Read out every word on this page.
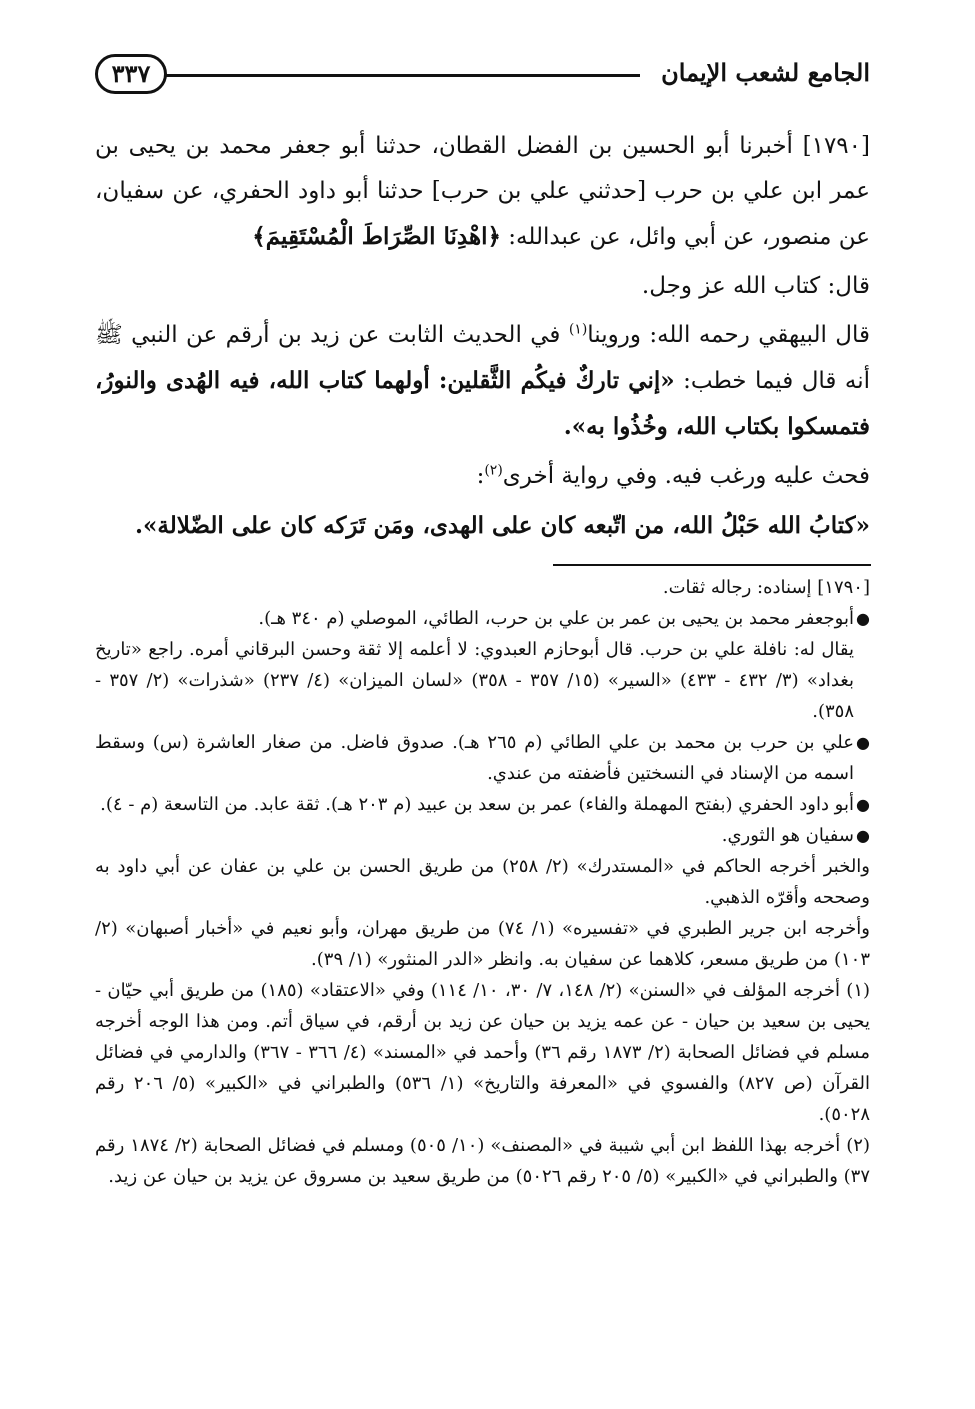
الجامع لشعب الإيمان
٣٣٧

[١٧٩٠] أخبرنا أبو الحسين بن الفضل القطان، حدثنا أبو جعفر محمد بن يحيى بن عمر ابن علي بن حرب [حدثني علي بن حرب] حدثنا أبو داود الحفري، عن سفيان، عن منصور، عن أبي وائل، عن عبدالله: ﴿اهْدِنَا الصِّرَاطَ الْمُسْتَقِيمَ﴾

قال: كتاب الله عز وجل.

قال البيهقي رحمه الله: وروينا$^{(١)}$ في الحديث الثابت عن زيد بن أرقم عن النبي ﷺ أنه قال فيما خطب: «إني تاركٌ فيكُم الثَّقلين: أولهما كتاب الله، فيه الهُدى والنورُ، فتمسكوا بكتاب الله، وخُذُوا به».

فحث عليه ورغب فيه. وفي رواية أخرى$^{(٢)}$:

«كتابُ الله حَبْلُ الله، من اتّبعه كان على الهدى، ومَن تَرَكه كان على الضّلالة».

[١٧٩٠] إسناده: رجاله ثقات.

●
أبوجعفر محمد بن يحيى بن عمر بن علي بن حرب، الطائي، الموصلي (م ٣٤٠ هـ).
يقال له: نافلة علي بن حرب. قال أبوحازم العبدوي: لا أعلمه إلا ثقة وحسن البرقاني أمره. راجع «تاريخ بغداد» (٣/ ٤٣٢ - ٤٣٣) «السير» (١٥/ ٣٥٧ - ٣٥٨) «لسان الميزان» (٤/ ٢٣٧) «شذرات» (٢/ ٣٥٧ - ٣٥٨).
●
علي بن حرب بن محمد بن علي الطائي (م ٢٦٥ هـ). صدوق فاضل. من صغار العاشرة (س) وسقط اسمه من الإسناد في النسختين فأضفته من عندي.
●
أبو داود الحفري (بفتح المهملة والفاء) عمر بن سعد بن عبيد (م ٢٠٣ هـ). ثقة عابد. من التاسعة (م - ٤).
●
سفيان هو الثوري.

والخبر أخرجه الحاكم في «المستدرك» (٢/ ٢٥٨) من طريق الحسن بن علي بن عفان عن أبي داود به وصححه وأقرّه الذهبي.

وأخرجه ابن جرير الطبري في «تفسيره» (١/ ٧٤) من طريق مهران، وأبو نعيم في «أخبار أصبهان» (٢/ ١٠٣) من طريق مسعر، كلاهما عن سفيان به. وانظر «الدر المنثور» (١/ ٣٩).

(١) أخرجه المؤلف في «السنن» (٢/ ١٤٨، ٧/ ٣٠، ١٠/ ١١٤) وفي «الاعتقاد» (١٨٥) من طريق أبي حيّان - يحيى بن سعيد بن حيان - عن عمه يزيد بن حيان عن زيد بن أرقم، في سياق أتم. ومن هذا الوجه أخرجه مسلم في فضائل الصحابة (٢/ ١٨٧٣ رقم ٣٦) وأحمد في «المسند» (٤/ ٣٦٦ - ٣٦٧) والدارمي في فضائل القرآن (ص ٨٢٧) والفسوي في «المعرفة والتاريخ» (١/ ٥٣٦) والطبراني في «الكبير» (٥/ ٢٠٦ رقم ٥٠٢٨).

(٢) أخرجه بهذا اللفظ ابن أبي شيبة في «المصنف» (١٠/ ٥٠٥) ومسلم في فضائل الصحابة (٢/ ١٨٧٤ رقم ٣٧) والطبراني في «الكبير» (٥/ ٢٠٥ رقم ٥٠٢٦) من طريق سعيد بن مسروق عن يزيد بن حيان عن زيد.
